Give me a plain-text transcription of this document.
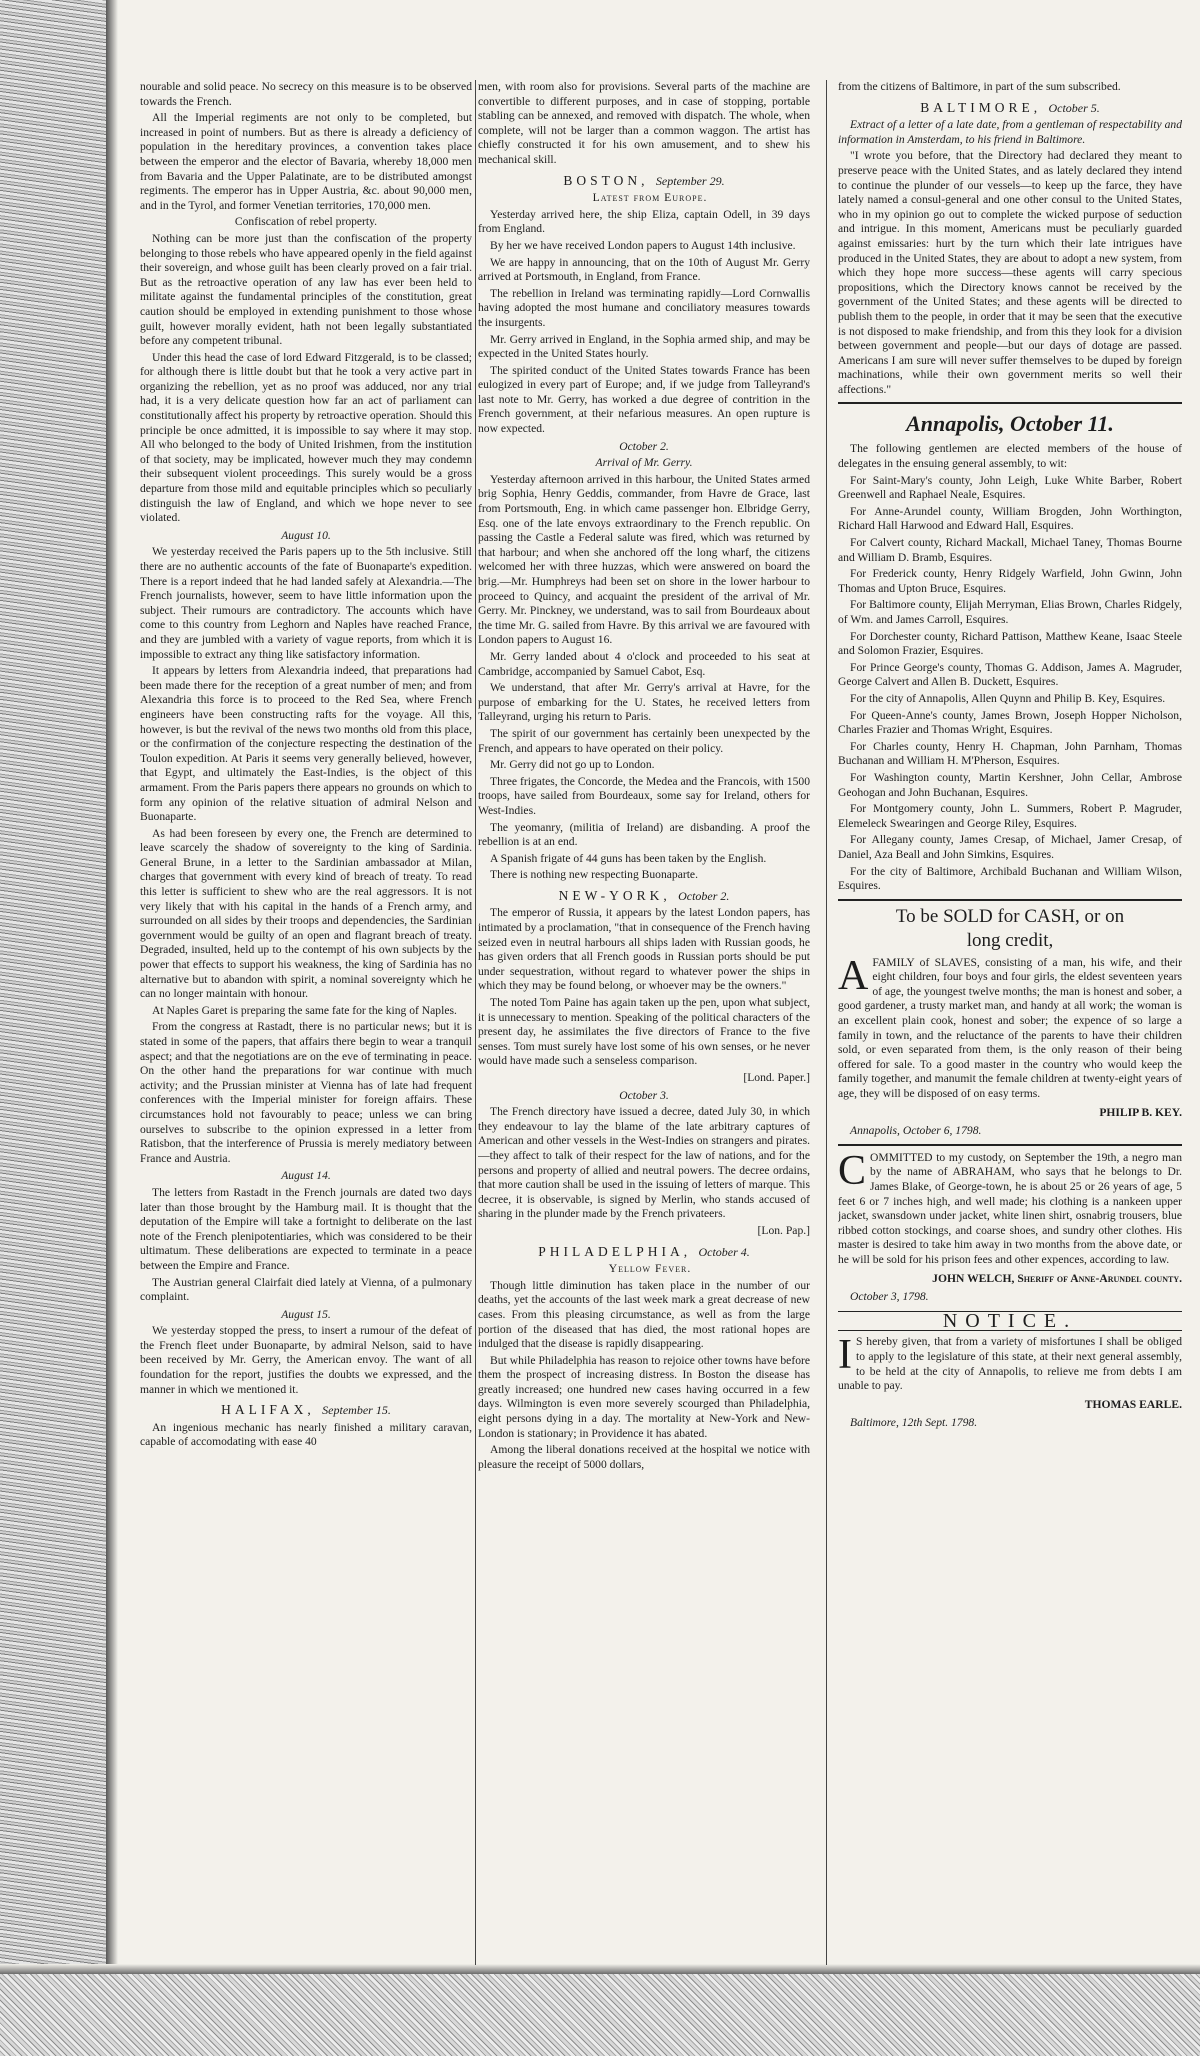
nourable and solid peace. No secrecy on this measure is to be observed towards the French.

All the Imperial regiments are not only to be completed, but increased in point of numbers. But as there is already a deficiency of population in the hereditary provinces, a convention takes place between the emperor and the elector of Bavaria, whereby 18,000 men from Bavaria and the Upper Palatinate, are to be distributed amongst regiments. The emperor has in Upper Austria, &c. about 90,000 men, and in the Tyrol, and former Venetian territories, 170,000 men.

Confiscation of rebel property.

Nothing can be more just than the confiscation of the property belonging to those rebels who have appeared openly in the field against their sovereign, and whose guilt has been clearly proved on a fair trial. But as the retroactive operation of any law has ever been held to militate against the fundamental principles of the constitution, great caution should be employed in extending punishment to those whose guilt, however morally evident, hath not been legally substantiated before any competent tribunal.

Under this head the case of lord Edward Fitzgerald, is to be classed; for although there is little doubt but that he took a very active part in organizing the rebellion, yet as no proof was adduced, nor any trial had, it is a very delicate question how far an act of parliament can constitutionally affect his property by retroactive operation. Should this principle be once admitted, it is impossible to say where it may stop. All who belonged to the body of United Irishmen, from the institution of that society, may be implicated, however much they may condemn their subsequent violent proceedings. This surely would be a gross departure from those mild and equitable principles which so peculiarly distinguish the law of England, and which we hope never to see violated.

August 10.

We yesterday received the Paris papers up to the 5th inclusive. Still there are no authentic accounts of the fate of Buonaparte's expedition. There is a report indeed that he had landed safely at Alexandria.—The French journalists, however, seem to have little information upon the subject. Their rumours are contradictory. The accounts which have come to this country from Leghorn and Naples have reached France, and they are jumbled with a variety of vague reports, from which it is impossible to extract any thing like satisfactory information.

It appears by letters from Alexandria indeed, that preparations had been made there for the reception of a great number of men; and from Alexandria this force is to proceed to the Red Sea, where French engineers have been constructing rafts for the voyage. All this, however, is but the revival of the news two months old from this place, or the confirmation of the conjecture respecting the destination of the Toulon expedition. At Paris it seems very generally believed, however, that Egypt, and ultimately the East-Indies, is the object of this armament. From the Paris papers there appears no grounds on which to form any opinion of the relative situation of admiral Nelson and Buonaparte.

As had been foreseen by every one, the French are determined to leave scarcely the shadow of sovereignty to the king of Sardinia. General Brune, in a letter to the Sardinian ambassador at Milan, charges that government with every kind of breach of treaty. To read this letter is sufficient to shew who are the real aggressors. It is not very likely that with his capital in the hands of a French army, and surrounded on all sides by their troops and dependencies, the Sardinian government would be guilty of an open and flagrant breach of treaty. Degraded, insulted, held up to the contempt of his own subjects by the power that effects to support his weakness, the king of Sardinia has no alternative but to abandon with spirit, a nominal sovereignty which he can no longer maintain with honour.

At Naples Garet is preparing the same fate for the king of Naples.

From the congress at Rastadt, there is no particular news; but it is stated in some of the papers, that affairs there begin to wear a tranquil aspect; and that the negotiations are on the eve of terminating in peace. On the other hand the preparations for war continue with much activity; and the Prussian minister at Vienna has of late had frequent conferences with the Imperial minister for foreign affairs. These circumstances hold not favourably to peace; unless we can bring ourselves to subscribe to the opinion expressed in a letter from Ratisbon, that the interference of Prussia is merely mediatory between France and Austria.

August 14.

The letters from Rastadt in the French journals are dated two days later than those brought by the Hamburg mail. It is thought that the deputation of the Empire will take a fortnight to deliberate on the last note of the French plenipotentiaries, which was considered to be their ultimatum. These deliberations are expected to terminate in a peace between the Empire and France.

The Austrian general Clairfait died lately at Vienna, of a pulmonary complaint.

August 15.

We yesterday stopped the press, to insert a rumour of the defeat of the French fleet under Buonaparte, by admiral Nelson, said to have been received by Mr. Gerry, the American envoy. The want of all foundation for the report, justifies the doubts we expressed, and the manner in which we mentioned it.

HALIFAX, September 15.

An ingenious mechanic has nearly finished a military caravan, capable of accomodating with ease 40

men, with room also for provisions. Several parts of the machine are convertible to different purposes, and in case of stopping, portable stabling can be annexed, and removed with dispatch. The whole, when complete, will not be larger than a common waggon. The artist has chiefly constructed it for his own amusement, and to shew his mechanical skill.

BOSTON, September 29.

Latest from Europe.

Yesterday arrived here, the ship Eliza, captain Odell, in 39 days from England.

By her we have received London papers to August 14th inclusive.

We are happy in announcing, that on the 10th of August Mr. Gerry arrived at Portsmouth, in England, from France.

The rebellion in Ireland was terminating rapidly—Lord Cornwallis having adopted the most humane and conciliatory measures towards the insurgents.

Mr. Gerry arrived in England, in the Sophia armed ship, and may be expected in the United States hourly.

The spirited conduct of the United States towards France has been eulogized in every part of Europe; and, if we judge from Talleyrand's last note to Mr. Gerry, has worked a due degree of contrition in the French government, at their nefarious measures. An open rupture is now expected.

October 2.

Arrival of Mr. Gerry.

Yesterday afternoon arrived in this harbour, the United States armed brig Sophia, Henry Geddis, commander, from Havre de Grace, last from Portsmouth, Eng. in which came passenger hon. Elbridge Gerry, Esq. one of the late envoys extraordinary to the French republic. On passing the Castle a Federal salute was fired, which was returned by that harbour; and when she anchored off the long wharf, the citizens welcomed her with three huzzas, which were answered on board the brig.—Mr. Humphreys had been set on shore in the lower harbour to proceed to Quincy, and acquaint the president of the arrival of Mr. Gerry. Mr. Pinckney, we understand, was to sail from Bourdeaux about the time Mr. G. sailed from Havre. By this arrival we are favoured with London papers to August 16.

Mr. Gerry landed about 4 o'clock and proceeded to his seat at Cambridge, accompanied by Samuel Cabot, Esq.

We understand, that after Mr. Gerry's arrival at Havre, for the purpose of embarking for the U. States, he received letters from Talleyrand, urging his return to Paris.

The spirit of our government has certainly been unexpected by the French, and appears to have operated on their policy.

Mr. Gerry did not go up to London.

Three frigates, the Concorde, the Medea and the Francois, with 1500 troops, have sailed from Bourdeaux, some say for Ireland, others for West-Indies.

The yeomanry, (militia of Ireland) are disbanding. A proof the rebellion is at an end.

A Spanish frigate of 44 guns has been taken by the English.

There is nothing new respecting Buonaparte.

NEW-YORK, October 2.

The emperor of Russia, it appears by the latest London papers, has intimated by a proclamation, "that in consequence of the French having seized even in neutral harbours all ships laden with Russian goods, he has given orders that all French goods in Russian ports should be put under sequestration, without regard to whatever power the ships in which they may be found belong, or whoever may be the owners."

The noted Tom Paine has again taken up the pen, upon what subject, it is unnecessary to mention. Speaking of the political characters of the present day, he assimilates the five directors of France to the five senses. Tom must surely have lost some of his own senses, or he never would have made such a senseless comparison.

[Lond. Paper.]

October 3.

The French directory have issued a decree, dated July 30, in which they endeavour to lay the blame of the late arbitrary captures of American and other vessels in the West-Indies on strangers and pirates.—they affect to talk of their respect for the law of nations, and for the persons and property of allied and neutral powers. The decree ordains, that more caution shall be used in the issuing of letters of marque. This decree, it is observable, is signed by Merlin, who stands accused of sharing in the plunder made by the French privateers.

[Lon. Pap.]

PHILADELPHIA, October 4.

Yellow Fever.

Though little diminution has taken place in the number of our deaths, yet the accounts of the last week mark a great decrease of new cases. From this pleasing circumstance, as well as from the large portion of the diseased that has died, the most rational hopes are indulged that the disease is rapidly disappearing.

But while Philadelphia has reason to rejoice other towns have before them the prospect of increasing distress. In Boston the disease has greatly increased; one hundred new cases having occurred in a few days. Wilmington is even more severely scourged than Philadelphia, eight persons dying in a day. The mortality at New-York and New-London is stationary; in Providence it has abated.

Among the liberal donations received at the hospital we notice with pleasure the receipt of 5000 dollars,

from the citizens of Baltimore, in part of the sum subscribed.

BALTIMORE, October 5.

Extract of a letter of a late date, from a gentleman of respectability and information in Amsterdam, to his friend in Baltimore.

"I wrote you before, that the Directory had declared they meant to preserve peace with the United States, and as lately declared they intend to continue the plunder of our vessels—to keep up the farce, they have lately named a consul-general and one other consul to the United States, who in my opinion go out to complete the wicked purpose of seduction and intrigue. In this moment, Americans must be peculiarly guarded against emissaries: hurt by the turn which their late intrigues have produced in the United States, they are about to adopt a new system, from which they hope more success—these agents will carry specious propositions, which the Directory knows cannot be received by the government of the United States; and these agents will be directed to publish them to the people, in order that it may be seen that the executive is not disposed to make friendship, and from this they look for a division between government and people—but our days of dotage are passed. Americans I am sure will never suffer themselves to be duped by foreign machinations, while their own government merits so well their affections."

Annapolis, October 11.

The following gentlemen are elected members of the house of delegates in the ensuing general assembly, to wit:

For Saint-Mary's county, John Leigh, Luke White Barber, Robert Greenwell and Raphael Neale, Esquires.

For Anne-Arundel county, William Brogden, John Worthington, Richard Hall Harwood and Edward Hall, Esquires.

For Calvert county, Richard Mackall, Michael Taney, Thomas Bourne and William D. Bramb, Esquires.

For Frederick county, Henry Ridgely Warfield, John Gwinn, John Thomas and Upton Bruce, Esquires.

For Baltimore county, Elijah Merryman, Elias Brown, Charles Ridgely, of Wm. and James Carroll, Esquires.

For Dorchester county, Richard Pattison, Matthew Keane, Isaac Steele and Solomon Frazier, Esquires.

For Prince George's county, Thomas G. Addison, James A. Magruder, George Calvert and Allen B. Duckett, Esquires.

For the city of Annapolis, Allen Quynn and Philip B. Key, Esquires.

For Queen-Anne's county, James Brown, Joseph Hopper Nicholson, Charles Frazier and Thomas Wright, Esquires.

For Charles county, Henry H. Chapman, John Parnham, Thomas Buchanan and William H. M'Pherson, Esquires.

For Washington county, Martin Kershner, John Cellar, Ambrose Geohogan and John Buchanan, Esquires.

For Montgomery county, John L. Summers, Robert P. Magruder, Elemeleck Swearingen and George Riley, Esquires.

For Allegany county, James Cresap, of Michael, Jamer Cresap, of Daniel, Aza Beall and John Simkins, Esquires.

For the city of Baltimore, Archibald Buchanan and William Wilson, Esquires.

To be SOLD for CASH, or on
long credit,

AFAMILY of SLAVES, consisting of a man, his wife, and their eight children, four boys and four girls, the eldest seventeen years of age, the youngest twelve months; the man is honest and sober, a good gardener, a trusty market man, and handy at all work; the woman is an excellent plain cook, honest and sober; the expence of so large a family in town, and the reluctance of the parents to have their children sold, or even separated from them, is the only reason of their being offered for sale. To a good master in the country who would keep the family together, and manumit the female children at twenty-eight years of age, they will be disposed of on easy terms.

PHILIP B. KEY.

Annapolis, October 6, 1798.

COMMITTED to my custody, on September the 19th, a negro man by the name of ABRAHAM, who says that he belongs to Dr. James Blake, of George-town, he is about 25 or 26 years of age, 5 feet 6 or 7 inches high, and well made; his clothing is a nankeen upper jacket, swansdown under jacket, white linen shirt, osnabrig trousers, blue ribbed cotton stockings, and coarse shoes, and sundry other clothes. His master is desired to take him away in two months from the above date, or he will be sold for his prison fees and other expences, according to law.

JOHN WELCH, Sheriff of Anne-Arundel county.

October 3, 1798.

NOTICE.

I S hereby given, that from a variety of misfortunes I shall be obliged to apply to the legislature of this state, at their next general assembly, to be held at the city of Annapolis, to relieve me from debts I am unable to pay.

THOMAS EARLE.

Baltimore, 12th Sept. 1798.
